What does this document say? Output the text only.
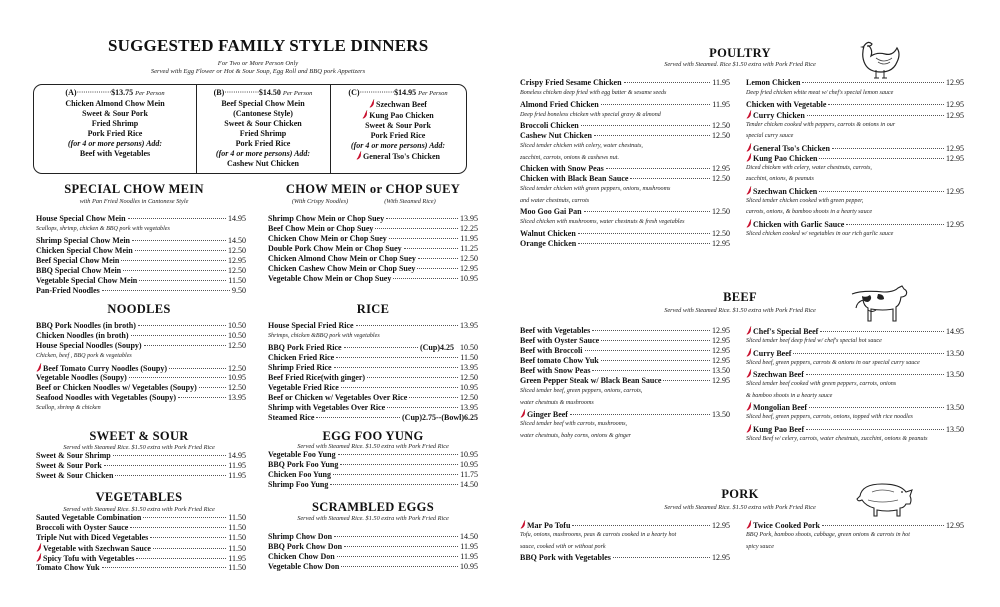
SUGGESTED FAMILY STYLE DINNERS
For Two or More Person Only
Served with Egg Flower or Hot & Sour Soup, Egg Roll and BBQ pork Appetizers
(A)················$13.75 Per Person
Chicken Almond Chow Mein
Sweet & Sour Pork
Fried Shrimp
Pork Fried Rice
(for 4 or more persons) Add:
Beef with Vegetables
(B)················$14.50 Per Person
Beef Special Chow Mein
(Cantonese Style)
Sweet & Sour Chicken
Fried Shrimp
Pork Fried Rice
(for 4 or more persons) Add:
Cashew Nut Chicken
(C)················$14.95 Per Person
Szechwan Beef
Kung Pao Chicken
Sweet & Sour Pork
Pork Fried Rice
(for 4 or more persons) Add:
General Tso's Chicken
SPECIAL CHOW MEIN
with Pan Fried Noodles in Cantonese Style
House Special Chow Mein	14.95
Scallops, shrimp, chicken & BBQ pork with vegetables
Shrimp Special Chow Mein	14.50
Chicken Special Chow Mein	12.50
Beef Special Chow Mein	12.95
BBQ Special Chow Mein	12.50
Vegetable Special Chow Mein	11.50
Pan-Fried Noodles	9.50
CHOW MEIN or CHOP SUEY
(With Crispy Noodles)	(With Steamed Rice)
Shrimp Chow Mein or Chop Suey	13.95
Beef Chow Mein or Chop Suey	12.25
Chicken Chow Mein or Chop Suey	11.95
Double Pork Chow Mein or Chop Suey	11.25
Chicken Almond Chow Mein or Chop Suey	12.50
Chicken Cashew Chow Mein or Chop Suey	12.95
Vegetable Chow Mein or Chop Suey	10.95
NOODLES
BBQ Pork Noodles (in broth)	10.50
Chicken Noodles (in broth)	10.50
House Special Noodles (Soupy)	12.50
Chicken, beef , BBQ pork & vegetables
Beef Tomato Curry Noodles (Soupy)	12.50
Vegetable Noodles (Soupy)	10.95
Beef or Chicken Noodles w/ Vegetables (Soupy)	12.50
Seafood Noodles with Vegetables (Soupy)	13.95
Scallop, shrimp & chicken
RICE
House Special Fried Rice	13.95
Shrimps, chicken &BBQ pork with vegetables
BBQ Pork Fried Rice	(Cup)4.25 10.50
Chicken Fried Rice	11.50
Shrimp Fried Rice	13.95
Beef Fried Rice(with ginger)	12.50
Vegetable Fried Rice	10.95
Beef or Chicken w/ Vegetables Over Rice	12.50
Shrimp with Vegetables Over Rice	13.95
Steamed Rice	(Cup)2.75--(Bowl)6.25
SWEET & SOUR
Served with Steamed Rice. $1.50 extra with Pork Fried Rice
Sweet & Sour Shrimp	14.95
Sweet & Sour Pork	11.95
Sweet & Sour Chicken	11.95
EGG FOO YUNG
Served with Steamed Rice. $1.50 extra with Pork Fried Rice
Vegetable Foo Yung	10.95
BBQ Pork Foo Yung	10.95
Chicken Foo Yung	11.75
Shrimp Foo Yung	14.50
VEGETABLES
Served with Steamed Rice. $1.50 extra with Pork Fried Rice
Sauted Vegetable Combination	11.50
Broccoli with Oyster Sauce	11.50
Triple Nut with Diced Vegetables	11.50
Vegetable with Szechwan Sauce	11.50
Spicy Tofu with Vegetables	11.95
Tomato Chow Yuk	11.50
SCRAMBLED EGGS
Served with Steamed Rice. $1.50 extra with Pork Fried Rice
Shrimp Chow Don	14.50
BBQ Pork Chow Don	11.95
Chicken Chow Don	11.95
Vegetable Chow Don	10.95
POULTRY
Served with Steamed. Rice $1.50 extra with Pork Fried Rice
Crispy Fried Sesame Chicken	11.95
Boneless chicken deep fried with egg batter & sesame seeds
Almond Fried Chicken	11.95
Deep fried boneless chicken with special gravy & almond
Broccoli Chicken	12.50
Cashew Nut Chicken	12.50
Sliced tender chicken with celery, water chestnuts,
zucchini, carrots, onions & cashews nut.
Chicken with Snow Peas	12.95
Chicken with Black Bean Sauce	12.50
Sliced tender chicken with green peppers, onions, mushrooms
and water chestnuts, carrots
Moo Goo Gai Pan	12.50
Sliced chicken with mushrooms, water chestnuts & fresh vegetables
Walnut Chicken	12.50
Orange Chicken	12.95
Lemon Chicken	12.95
Deep fried chicken white meat w/ chef's special lemon sauce
Chicken with Vegetable	12.95
Curry Chicken	12.95
Tender chicken cooked with peppers, carrots & onions in our
special curry sauce
General Tso's Chicken	12.95
Kung Pao Chicken	12.95
Diced chicken with celery, water chestnuts, carrots,
zucchini, onions, & peanuts
Szechwan Chicken	12.95
Sliced tender chicken cooked with green pepper,
carrots, onions, & bamboo shoots in a hearty sauce
Chicken with Garlic Sauce	12.95
Sliced chicken cooked w/ vegetables in our rich garlic sauce
BEEF
Served with Steamed Rice. $1.50 extra with Pork Fried Rice
Beef with Vegetables	12.95
Beef with Oyster Sauce	12.95
Beef with Broccoli	12.95
Beef tomato Chow Yuk	12.95
Beef with Snow Peas	13.50
Green Pepper Steak w/ Black Bean Sauce	12.95
Sliced tender beef, green peppers, onions, carrots,
water chestnuts & mushrooms
Ginger Beef	13.50
Sliced tender beef with carrots, mushrooms,
water chestnuts, baby corns, onions & ginger
Chef's Special Beef	14.95
Sliced tender beef deep fried w/ chef's special hot sauce
Curry Beef	13.50
Sliced beef, green peppers, carrots & onions in our special curry sauce
Szechwan Beef	13.50
Sliced tender beef cooked with green peppers, carrots, onions
& bamboo shoots in a hearty sauce
Mongolian Beef	13.50
Sliced beef, green peppers, carrots, onions, topped with rice noodles
Kung Pao Beef	13.50
Sliced Beef w/ celery, carrots, water chestnuts, zucchini, onions & peanuts
PORK
Served with Steamed Rice. $1.50 extra with Pork Fried Rice
Mar Po Tofu	12.95
Tofu, onions, mushrooms, peas & carrots cooked in a hearty hot
sauce, cooked with or without pork
BBQ Pork with Vegetables	12.95
Twice Cooked Pork	12.95
BBQ Pork, bamboo shoots, cabbage, green onions & carrots in hot
spicy sauce
